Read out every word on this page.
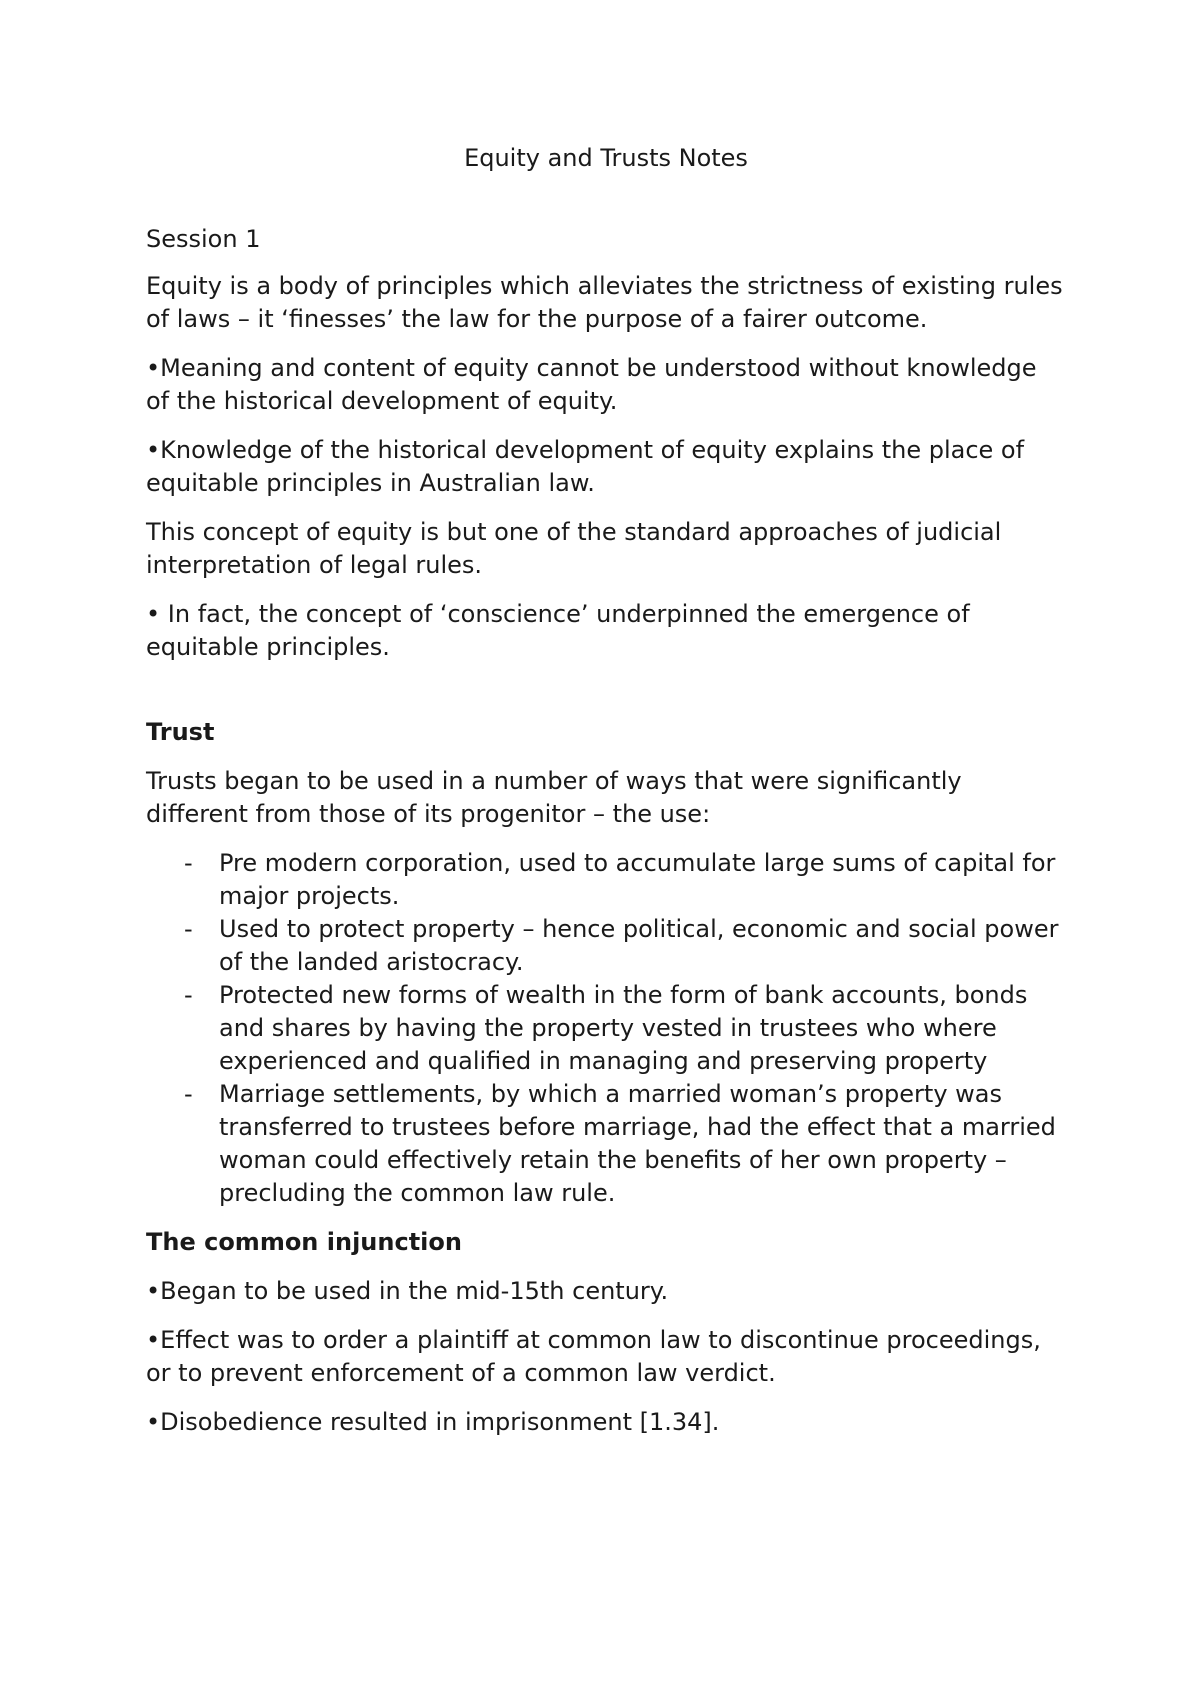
Equity and Trusts Notes

Session 1

Equity is a body of principles which alleviates the strictness of existing rules of laws – it ‘finesses’ the law for the purpose of a fairer outcome.

•Meaning and content of equity cannot be understood without knowledge of the historical development of equity.

•Knowledge of the historical development of equity explains the place of equitable principles in Australian law.

This concept of equity is but one of the standard approaches of judicial interpretation of legal rules.

• In fact, the concept of ‘conscience’ underpinned the emergence of equitable principles.

Trust

Trusts began to be used in a number of ways that were significantly different from those of its progenitor – the use:

- Pre modern corporation, used to accumulate large sums of capital for major projects.
- Used to protect property – hence political, economic and social power of the landed aristocracy.
- Protected new forms of wealth in the form of bank accounts, bonds and shares by having the property vested in trustees who where experienced and qualified in managing and preserving property
- Marriage settlements, by which a married woman’s property was transferred to trustees before marriage, had the effect that a married woman could effectively retain the benefits of her own property – precluding the common law rule.
The common injunction

•Began to be used in the mid-15th century.

•Effect was to order a plaintiff at common law to discontinue proceedings, or to prevent enforcement of a common law verdict.

•Disobedience resulted in imprisonment [1.34].
